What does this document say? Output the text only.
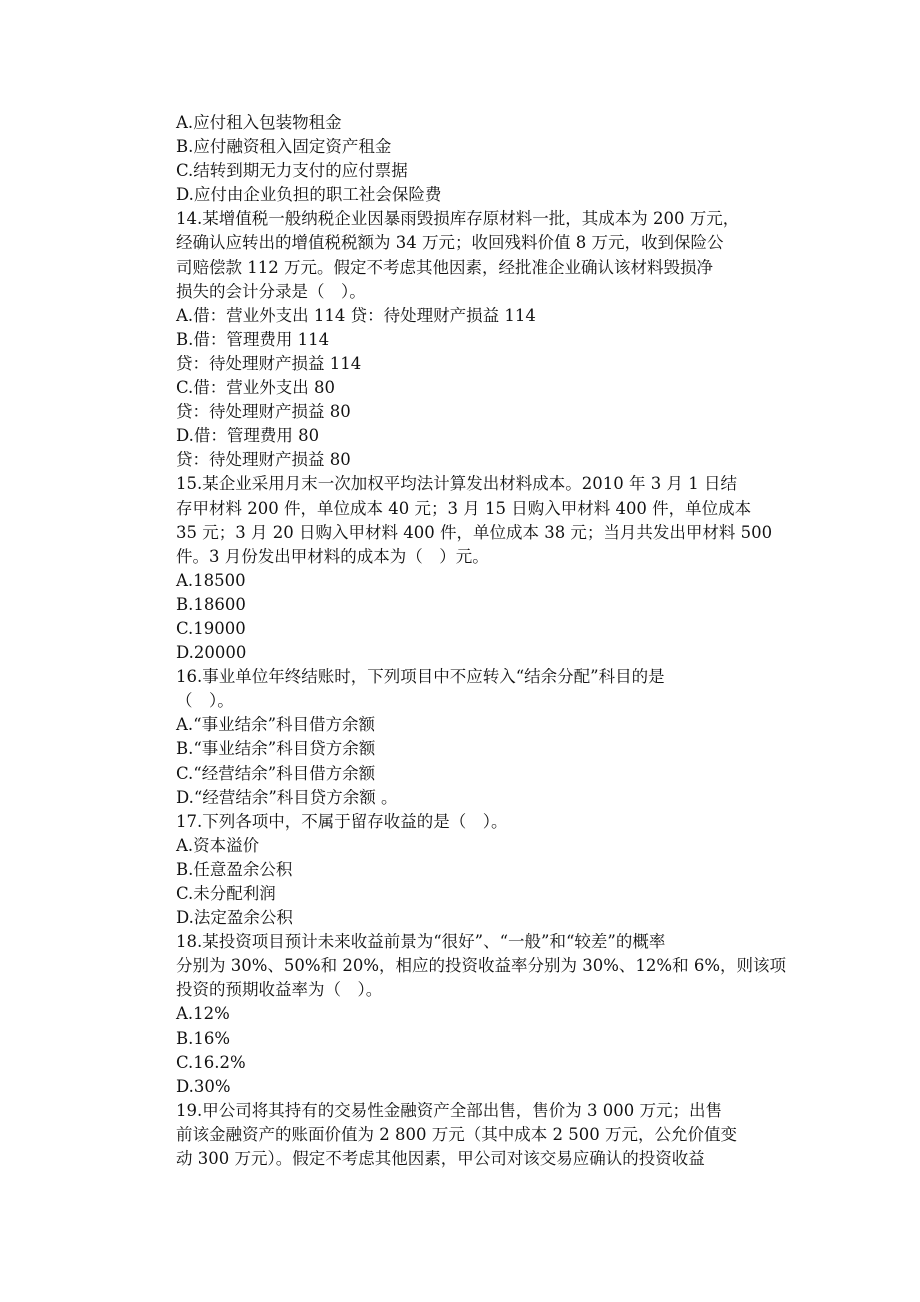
A.应付租入包装物租金
B.应付融资租入固定资产租金
C.结转到期无力支付的应付票据
D.应付由企业负担的职工社会保险费
14.某增值税一般纳税企业因暴雨毁损库存原材料一批，其成本为 200 万元，
经确认应转出的增值税税额为 34 万元；收回残料价值 8 万元，收到保险公
司赔偿款 112 万元。假定不考虑其他因素，经批准企业确认该材料毁损净
损失的会计分录是（　）。
A.借：营业外支出 114 贷：待处理财产损益 114
B.借：管理费用 114
贷：待处理财产损益 114
C.借：营业外支出 80
贷：待处理财产损益 80
D.借：管理费用 80
贷：待处理财产损益 80
15.某企业采用月末一次加权平均法计算发出材料成本。2010 年 3 月 1 日结
存甲材料 200 件，单位成本 40 元；3 月 15 日购入甲材料 400 件，单位成本
35 元；3 月 20 日购入甲材料 400 件，单位成本 38 元；当月共发出甲材料 500
件。3 月份发出甲材料的成本为（　）元。
A.18500
B.18600
C.19000
D.20000
16.事业单位年终结账时，下列项目中不应转入“结余分配”科目的是
（　）。
A.“事业结余”科目借方余额
B.“事业结余”科目贷方余额
C.“经营结余”科目借方余额
D.“经营结余”科目贷方余额 。
17.下列各项中，不属于留存收益的是（　）。
A.资本溢价
B.任意盈余公积
C.未分配利润
D.法定盈余公积
18.某投资项目预计未来收益前景为“很好”、“一般”和“较差”的概率
分别为 30%、50%和 20%，相应的投资收益率分别为 30%、12%和 6%，则该项
投资的预期收益率为（　）。
A.12%
B.16%
C.16.2%
D.30%
19.甲公司将其持有的交易性金融资产全部出售，售价为 3 000 万元；出售
前该金融资产的账面价值为 2 800 万元（其中成本 2 500 万元，公允价值变
动 300 万元）。假定不考虑其他因素，甲公司对该交易应确认的投资收益
